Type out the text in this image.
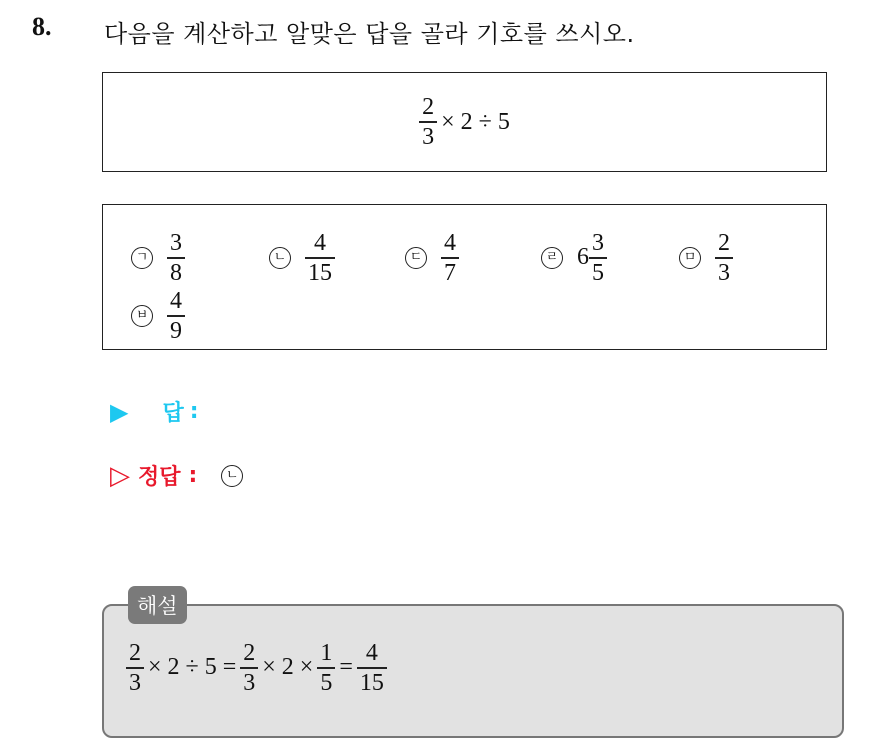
8. 다음을 계산하고 알맞은 답을 골라 기호를 쓰시오.
$\frac{2}{3} \times 2 \div 5$
ㄱ $\frac{3}{8}$	ㄴ $\frac{4}{15}$	ㄷ $\frac{4}{7}$	ㄹ $6 \frac{3}{5}$	ㅁ $\frac{2}{3}$
ㅂ $\frac{4}{9}$
▶ 답 :
▷ 정답 :	ㄴ
$\frac{2}{3} \times 2 \div 5 = \frac{2}{3} \times 2 \times \frac{1}{5} = \frac{4}{15}$
해설
